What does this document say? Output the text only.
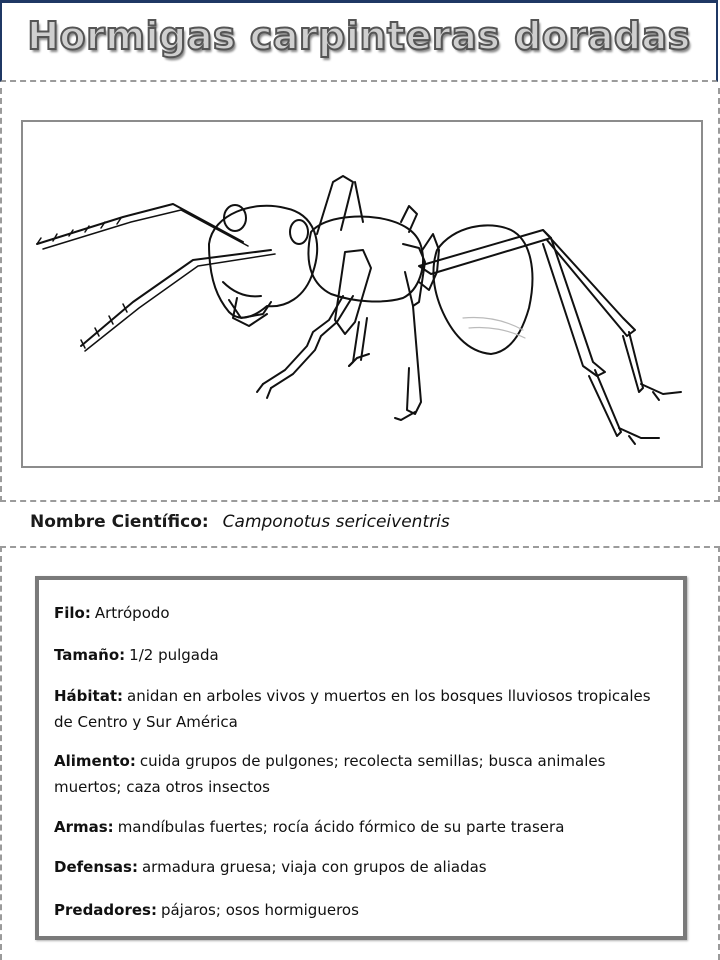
Hormigas carpinteras doradas
Nombre Científico: Camponotus sericeiventris
Filo: Artrópodo
Tamaño: 1/2 pulgada
Hábitat: anidan en arboles vivos y muertos en los bosques lluviosos tropicales de Centro y Sur América
Alimento: cuida grupos de pulgones; recolecta semillas; busca animales muertos; caza otros insectos
Armas: mandíbulas fuertes; rocía ácido fórmico de su parte trasera
Defensas: armadura gruesa; viaja con grupos de aliadas
Predadores: pájaros; osos hormigueros
